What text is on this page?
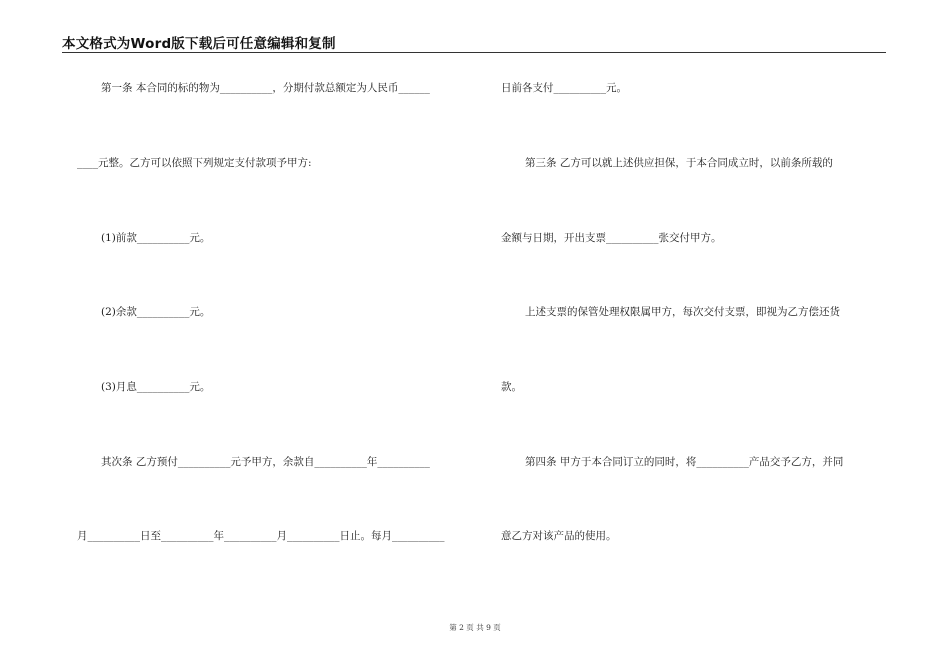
本文格式为Word版下载后可任意编辑和复制
第一条 本合同的标的物为__________，分期付款总额定为人民币______
____元整。乙方可以依照下列规定支付款项予甲方:
(1)前款__________元。
(2)余款__________元。
(3)月息__________元。
其次条 乙方预付__________元予甲方，余款自__________年__________
月__________日至__________年__________月__________日止。每月__________
日前各支付__________元。
第三条 乙方可以就上述供应担保，于本合同成立时，以前条所载的
金额与日期，开出支票__________张交付甲方。
上述支票的保管处理权限属甲方，每次交付支票，即视为乙方偿还货
款。
第四条 甲方于本合同订立的同时，将__________产品交予乙方，并同
意乙方对该产品的使用。
第 2 页 共 9 页
